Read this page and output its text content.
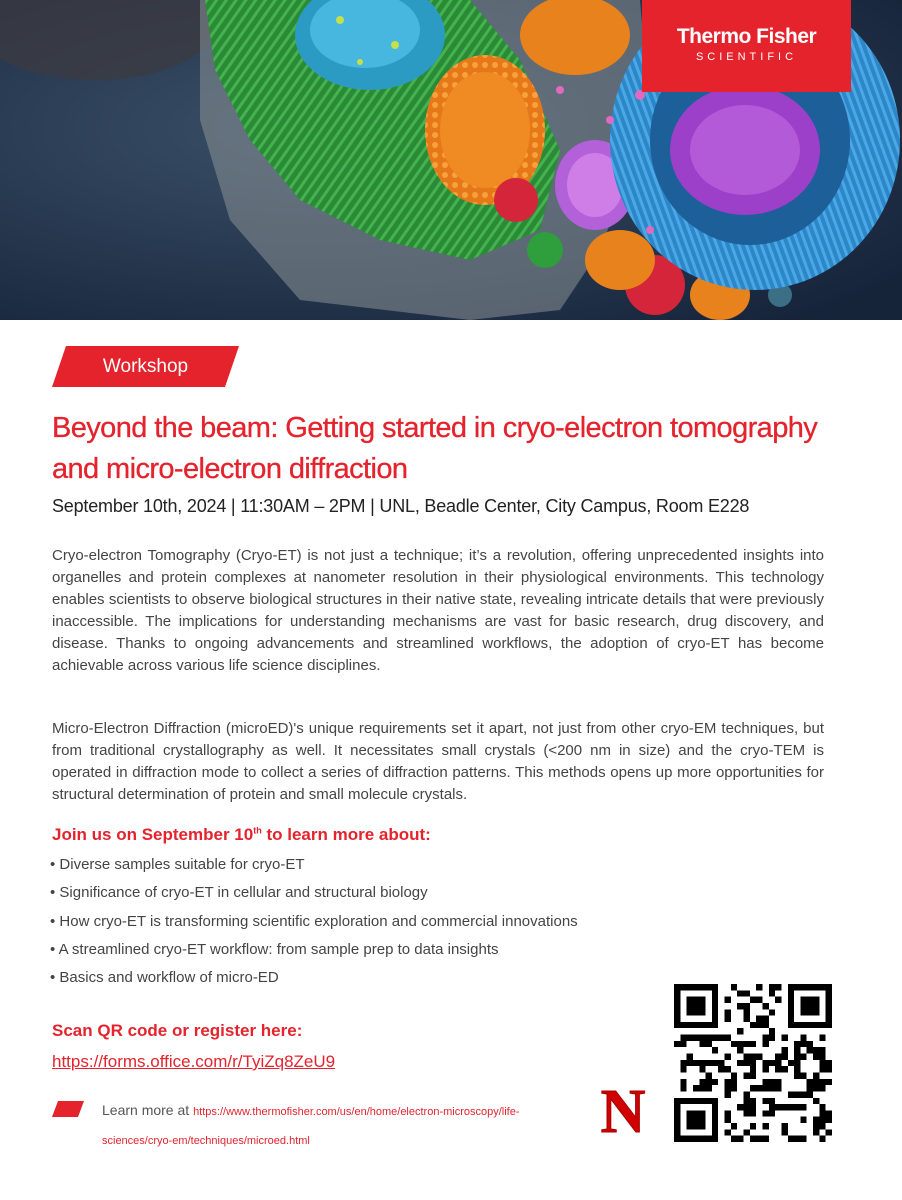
Thermo Fisher
SCIENTIFIC
Workshop
Beyond the beam: Getting started in cryo-electron tomography and micro-electron diffraction
September 10th, 2024 | 11:30AM – 2PM | UNL, Beadle Center, City Campus, Room E228

Cryo-electron Tomography (Cryo-ET) is not just a technique; it’s a revolution, offering unprecedented insights into organelles and protein complexes at nanometer resolution in their physiological environments. This technology enables scientists to observe biological structures in their native state, revealing intricate details that were previously inaccessible. The implications for understanding mechanisms are vast for basic research, drug discovery, and disease. Thanks to ongoing advancements and streamlined workflows, the adoption of cryo-ET has become achievable across various life science disciplines.

Micro-Electron Diffraction (microED)'s unique requirements set it apart, not just from other cryo-EM techniques, but from traditional crystallography as well. It necessitates small crystals (<200 nm in size) and the cryo-TEM is operated in diffraction mode to collect a series of diffraction patterns. This methods opens up more opportunities for structural determination of protein and small molecule crystals.

Join us on September 10th to learn more about:
• Diverse samples suitable for cryo-ET
• Significance of cryo-ET in cellular and structural biology
• How cryo-ET is transforming scientific exploration and commercial innovations
• A streamlined cryo-ET workflow: from sample prep to data insights
• Basics and workflow of micro-ED
Scan QR code or register here:
https://forms.office.com/r/TyiZq8ZeU9
Learn more at https://www.thermofisher.com/us/en/home/electron-microscopy/life-sciences/cryo-em/techniques/microed.html	N
